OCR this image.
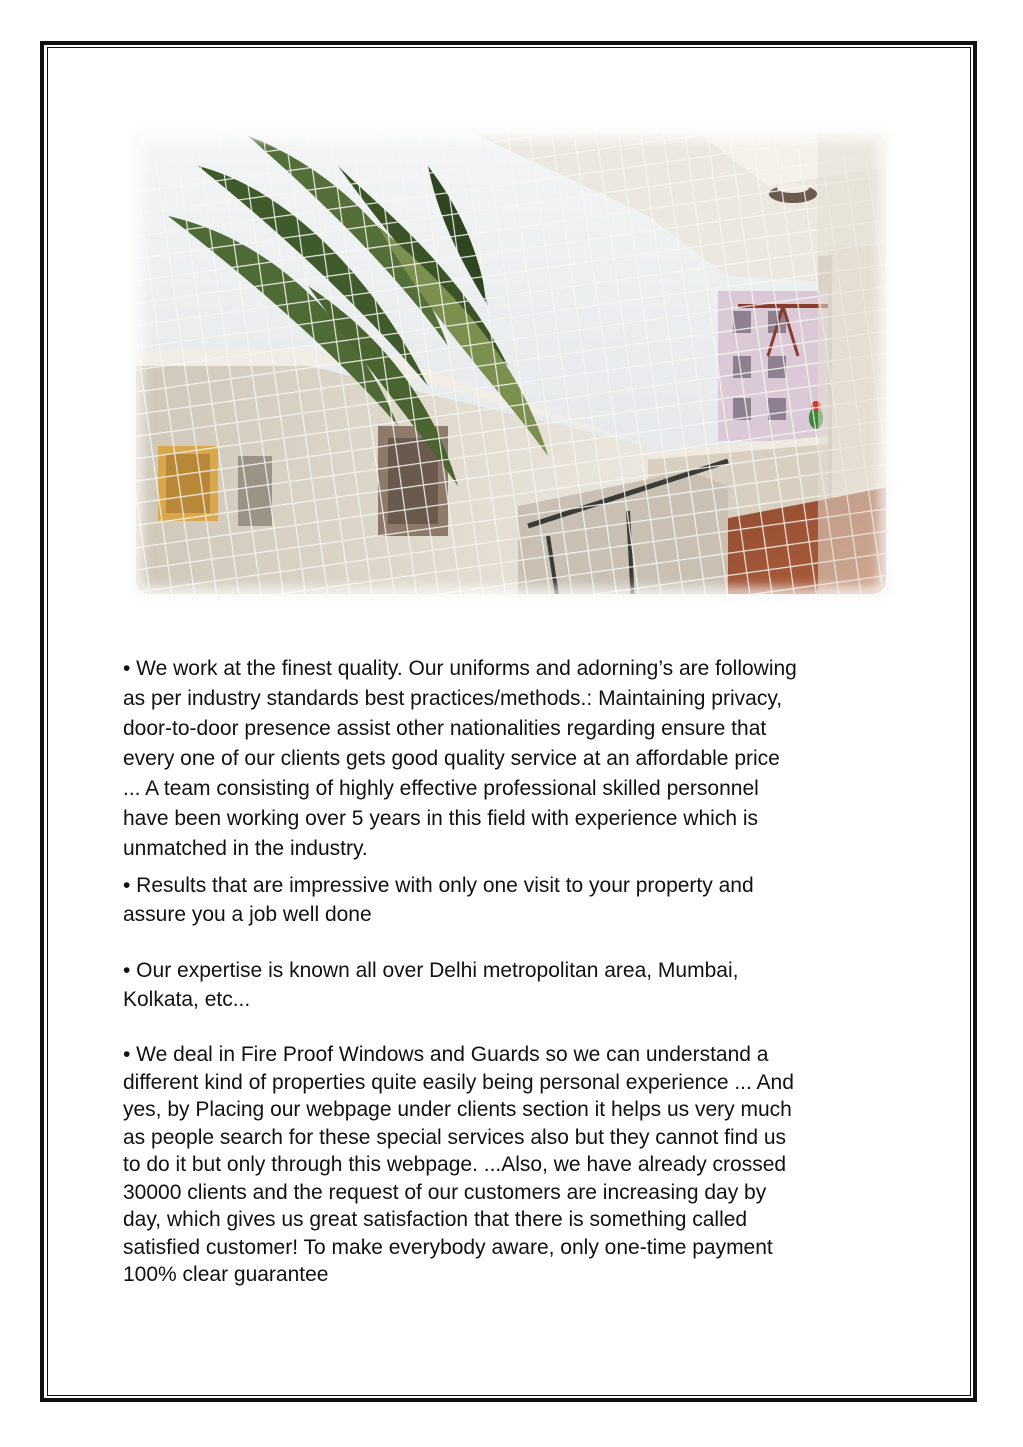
• We work at the finest quality. Our uniforms and adorning’s are following
as per industry standards best practices/methods.: Maintaining privacy,
door-to-door presence assist other nationalities regarding ensure that
every one of our clients gets good quality service at an affordable price
... A team consisting of highly effective professional skilled personnel
have been working over 5 years in this field with experience which is
unmatched in the industry.

• Results that are impressive with only one visit to your property and
assure you a job well done

• Our expertise is known all over Delhi metropolitan area, Mumbai,
Kolkata, etc...

• We deal in Fire Proof Windows and Guards so we can understand a
different kind of properties quite easily being personal experience ... And
yes, by Placing our webpage under clients section it helps us very much
as people search for these special services also but they cannot find us
to do it but only through this webpage. ...Also, we have already crossed
30000 clients and the request of our customers are increasing day by
day, which gives us great satisfaction that there is something called
satisfied customer! To make everybody aware, only one-time payment
100% clear guarantee
